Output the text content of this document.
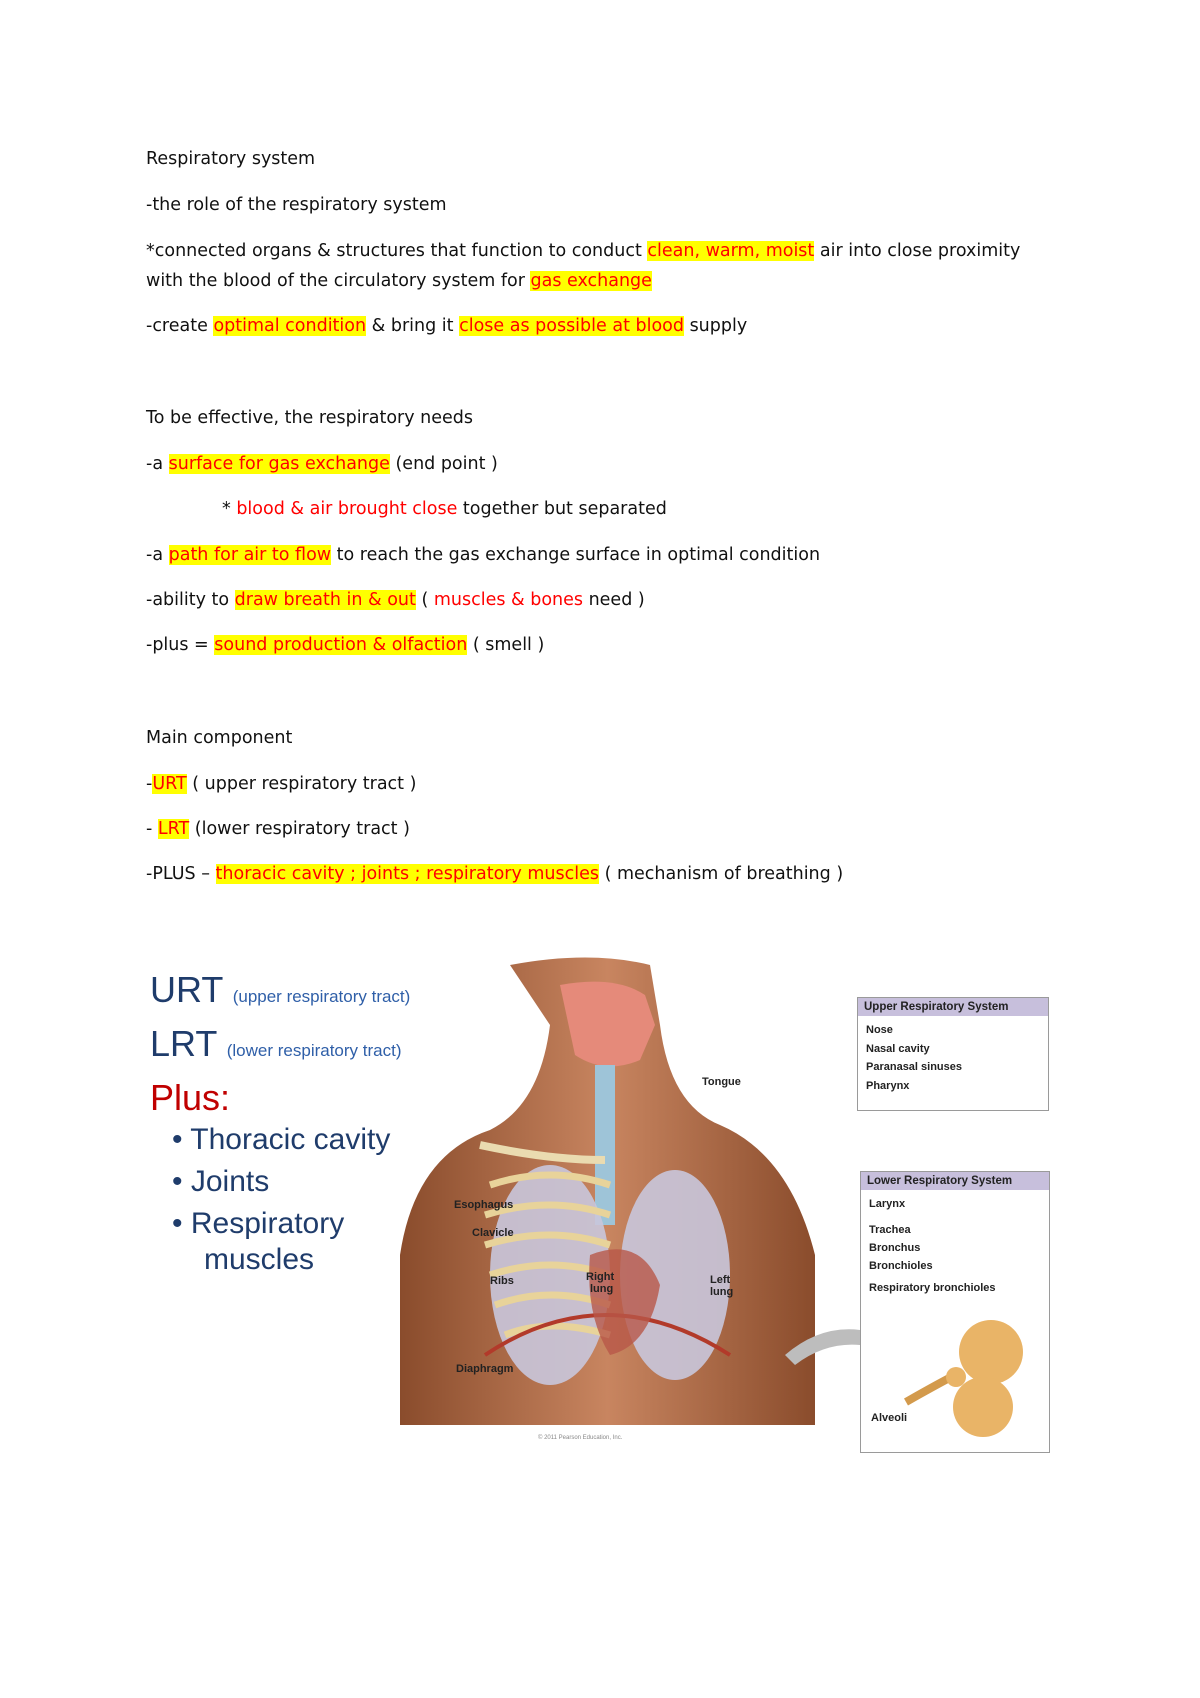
Respiratory system
-the role of the respiratory system
*connected organs & structures that function to conduct clean, warm, moist air into close proximity
with the blood of the circulatory system for gas exchange
-create optimal condition & bring it close as possible at blood supply
To be effective, the respiratory needs
-a surface for gas exchange (end point )
* blood & air brought close together but separated
-a path for air to flow to reach the gas exchange surface in optimal condition
-ability to draw breath in & out ( muscles & bones need )
-plus = sound production & olfaction ( smell )
Main component
-URT ( upper respiratory tract )
- LRT (lower respiratory tract )
-PLUS – thoracic cavity ; joints ; respiratory muscles ( mechanism of breathing )
URT (upper respiratory tract)
LRT (lower respiratory tract)
Plus:
• Thoracic cavity
• Joints
• Respiratory
muscles
Esophagus
Clavicle
Ribs
Diaphragm
Tongue
Right
lung
Left
lung
Upper Respiratory System
Nose
Nasal cavity
Paranasal sinuses
Pharynx
Lower Respiratory System
Larynx
Trachea
Bronchus
Bronchioles
Respiratory bronchioles
Alveoli
© 2011 Pearson Education, Inc.
